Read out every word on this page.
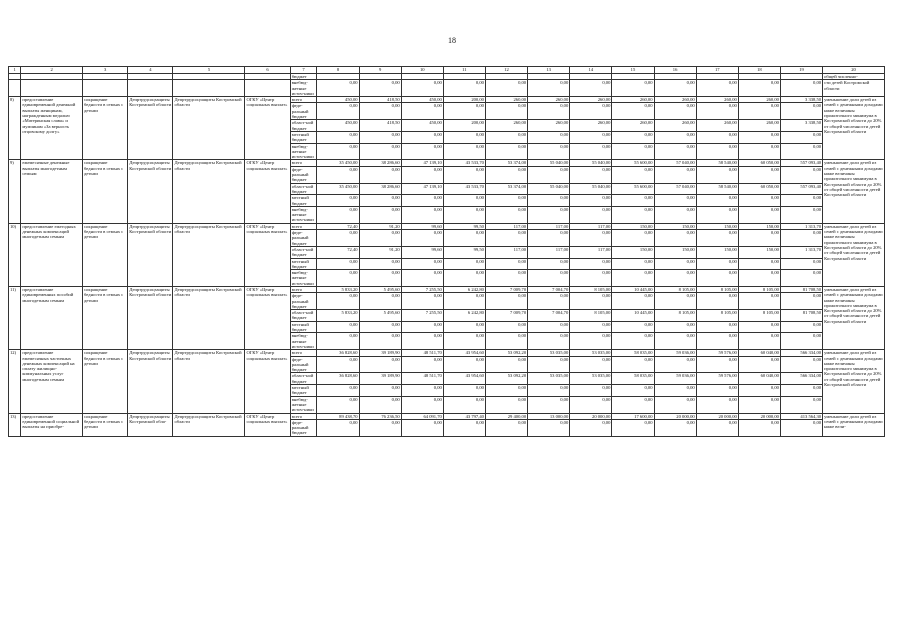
18
1	2	3	4	5	6	7	8	9	10	11	12	13	14	15	16	17	18	19	20
						бюджет													общей численно-
						внебюд-жетные источ-ники	0,00	0,00	0,00	0,00	0,00	0,00	0,00	0,00	0,00	0,00	0,00	0,00	сти детей Костромской области
8)	предоставление единовременной денежной выплаты женщинам, награжденным медалью «Материнская слава» и мужчинам «За верность отцовскому долгу»	сокращение бедности в семьях с детьми	Депртрудсоцзащиты Костромской области	Депртрудсоцзащиты Костромской области	ОГКУ «Центр социальных выплат»	всего	450,00	418,50	450,00	200,00	260,00	260,00	260,00	260,00	260,00	260,00	260,00	3 338,50	уменьшение доли детей из семей с денежными доходами ниже величины прожиточного минимума в Костромской области до 20% от общей численности детей Костромской области
						феде-ральный бюджет	0,00	0,00	0,00	0,00	0,00	0,00	0,00	0,00	0,00	0,00	0,00	0,00	
						област-ной бюджет	450,00	418,50	450,00	200,00	260,00	260,00	260,00	260,00	260,00	260,00	260,00	3 338,50	
						местный бюджет	0,00	0,00	0,00	0,00	0,00	0,00	0,00	0,00	0,00	0,00	0,00	0,00	
						внебюд-жетные источ-ники	0,00	0,00	0,00	0,00	0,00	0,00	0,00	0,00	0,00	0,00	0,00	0,00	
9)	ежемесячные денежные выплаты многодетным семьям	сокращение бедности в семьях с детьми	Депртрудсоцзащиты Костромской области	Депртрудсоцзащиты Костромской области	ОГКУ «Центр социальных выплат»	всего	35 450,00	38 286,60	47 139,10	43 533,70	53 374,00	55 040,00	55 040,00	55 600,00	57 040,00	58 540,00	60 050,00	557 093,40	уменьшение доли детей из семей с денежными доходами ниже величины прожиточного минимума в Костромской области до 20% от общей численности детей Костромской области
						феде-ральный бюджет	0,00	0,00	0,00	0,00	0,00	0,00	0,00	0,00	0,00	0,00	0,00	0,00	
						област-ной бюджет	35 450,00	38 286,60	47 139,10	43 533,70	53 374,00	55 040,00	55 040,00	55 600,00	57 040,00	58 540,00	60 050,00	557 093,40	
						местный бюджет	0,00	0,00	0,00	0,00	0,00	0,00	0,00	0,00	0,00	0,00	0,00	0,00	
						внебюд-жетные источ-ники	0,00	0,00	0,00	0,00	0,00	0,00	0,00	0,00	0,00	0,00	0,00	0,00	
10)	предоставление ежегодных денежных компенсаций многодетным семьям	сокращение бедности в семьях с детьми	Депртрудсоцзащиты Костромской области	Депртрудсоцзащиты Костромской области	ОГКУ «Центр социальных выплат»	всего	72,40	91,20	99,60	99,50	117,00	117,00	117,00	150,00	150,00	150,00	150,00	1 313,70	уменьшение доли детей из семей с денежными доходами ниже величины прожиточного минимума в Костромской области до 20% от общей численности детей Костромской области
						феде-ральный бюджет	0,00	0,00	0,00	0,00	0,00	0,00	0,00	0,00	0,00	0,00	0,00	0,00	
						област-ной бюджет	72,40	91,20	99,60	99,50	117,00	117,00	117,00	150,00	150,00	150,00	150,00	1 313,70	
						местный бюджет	0,00	0,00	0,00	0,00	0,00	0,00	0,00	0,00	0,00	0,00	0,00	0,00	
						внебюд-жетные источ-ники	0,00	0,00	0,00	0,00	0,00	0,00	0,00	0,00	0,00	0,00	0,00	0,00	
11)	предоставление единовременных пособий многодетным семьям	сокращение бедности в семьях с детьми	Депртрудсоцзащиты Костромской области	Депртрудсоцзащиты Костромской области	ОГКУ «Центр социальных выплат»	всего	5 833,20	5 495,60	7 255,50	6 242,80	7 009,70	7 004,70	8 105,00	10 445,00	8 105,00	8 105,00	8 105,00	81 708,50	уменьшение доли детей из семей с денежными доходами ниже величины прожиточного минимума в Костромской области до 20% от общей численности детей Костромской области
						феде-ральный бюджет	0,00	0,00	0,00	0,00	0,00	0,00	0,00	0,00	0,00	0,00	0,00	0,00	
						област-ной бюджет	5 833,20	5 495,60	7 255,50	6 242,80	7 009,70	7 004,70	8 105,00	10 445,00	8 105,00	8 105,00	8 105,00	81 708,50	
						местный бюджет	0,00	0,00	0,00	0,00	0,00	0,00	0,00	0,00	0,00	0,00	0,00	0,00	
						внебюд-жетные источ-ники	0,00	0,00	0,00	0,00	0,00	0,00	0,00	0,00	0,00	0,00	0,00	0,00	
12)	предоставление ежемесячных частичных денежных компенсаций на оплату жилищно-коммунальных услуг многодетным семьям	сокращение бедности в семьях с детьми	Депртрудсоцзащиты Костромской области	Депртрудсоцзащиты Костромской области	ОГКУ «Центр социальных выплат»	всего	36 828,60	39 189,90	48 511,70	43 954,60	53 092,20	53 035,00	53 035,00	58 035,00	59 036,00	59 576,00	60 040,00	566 334,00	уменьшение доли детей из семей с денежными доходами ниже величины прожиточного минимума в Костромской области до 20% от общей численности детей Костромской области
						феде-ральный бюджет	0,00	0,00	0,00	0,00	0,00	0,00	0,00	0,00	0,00	0,00	0,00	0,00	
						област-ной бюджет	36 828,60	39 189,90	48 511,70	43 954,60	53 092,20	53 035,00	53 035,00	58 035,00	59 036,00	59 576,00	60 040,00	566 334,00	
						местный бюджет	0,00	0,00	0,00	0,00	0,00	0,00	0,00	0,00	0,00	0,00	0,00	0,00	
						внебюд-жетные источ-ники	0,00	0,00	0,00	0,00	0,00	0,00	0,00	0,00	0,00	0,00	0,00	0,00	
13)	предоставление единовременной социальной выплаты на приобре-	сокращение бедности в семьях с детьми	Депртрудсоцзащиты Костромской обла-	Депртрудсоцзащиты Костромской области	ОГКУ «Центр социальных выплат»	всего	89 438,70	76 236,50	64 091,70	43 797,40	29 400,00	13 000,00	20 000,00	17 600,00	20 000,00	20 000,00	20 000,00	413 564,30	уменьшение доли детей из семей с денежными доходами ниже вели-
						феде-ральный бюджет	0,00	0,00	0,00	0,00	0,00	0,00	0,00	0,00	0,00	0,00	0,00	0,00	
